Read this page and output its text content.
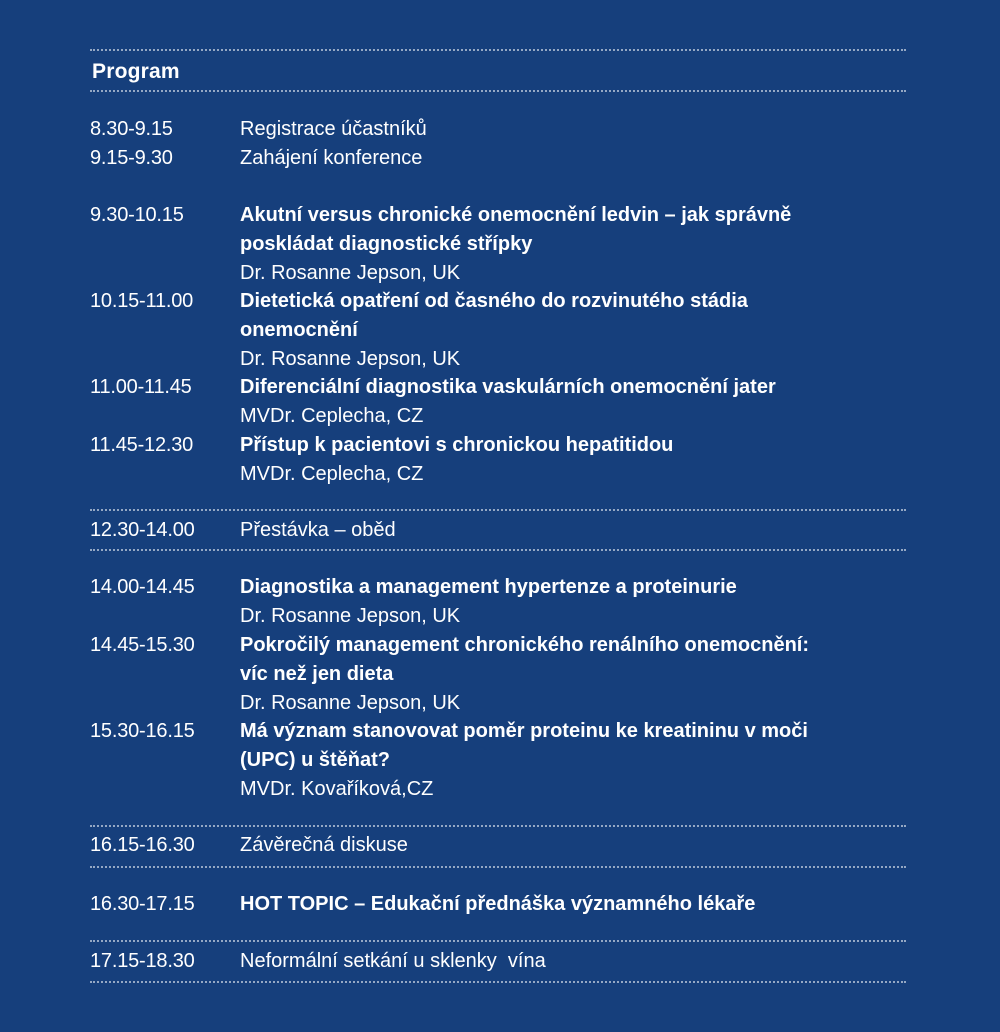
Program
8.30-9.15	Registrace účastníků
9.15-9.30	Zahájení konference
9.30-10.15	Akutní versus chronické onemocnění ledvin – jak správně
poskládat diagnostické střípky
Dr. Rosanne Jepson, UK
10.15-11.00	Dietetická opatření od časného do rozvinutého stádia
onemocnění
Dr. Rosanne Jepson, UK
11.00-11.45	Diferenciální diagnostika vaskulárních onemocnění jater
MVDr. Ceplecha, CZ
11.45-12.30	Přístup k pacientovi s chronickou hepatitidou
MVDr. Ceplecha, CZ
12.30-14.00	Přestávka – oběd
14.00-14.45	Diagnostika a management hypertenze a proteinurie
Dr. Rosanne Jepson, UK
14.45-15.30	Pokročilý management chronického renálního onemocnění:
víc než jen dieta
Dr. Rosanne Jepson, UK
15.30-16.15	Má význam stanovovat poměr proteinu ke kreatininu v moči
(UPC) u štěňat?
MVDr. Kovaříková,CZ
16.15-16.30	Závěrečná diskuse
16.30-17.15	HOT TOPIC – Edukační přednáška významného lékaře
17.15-18.30	Neformální setkání u sklenky  vína
